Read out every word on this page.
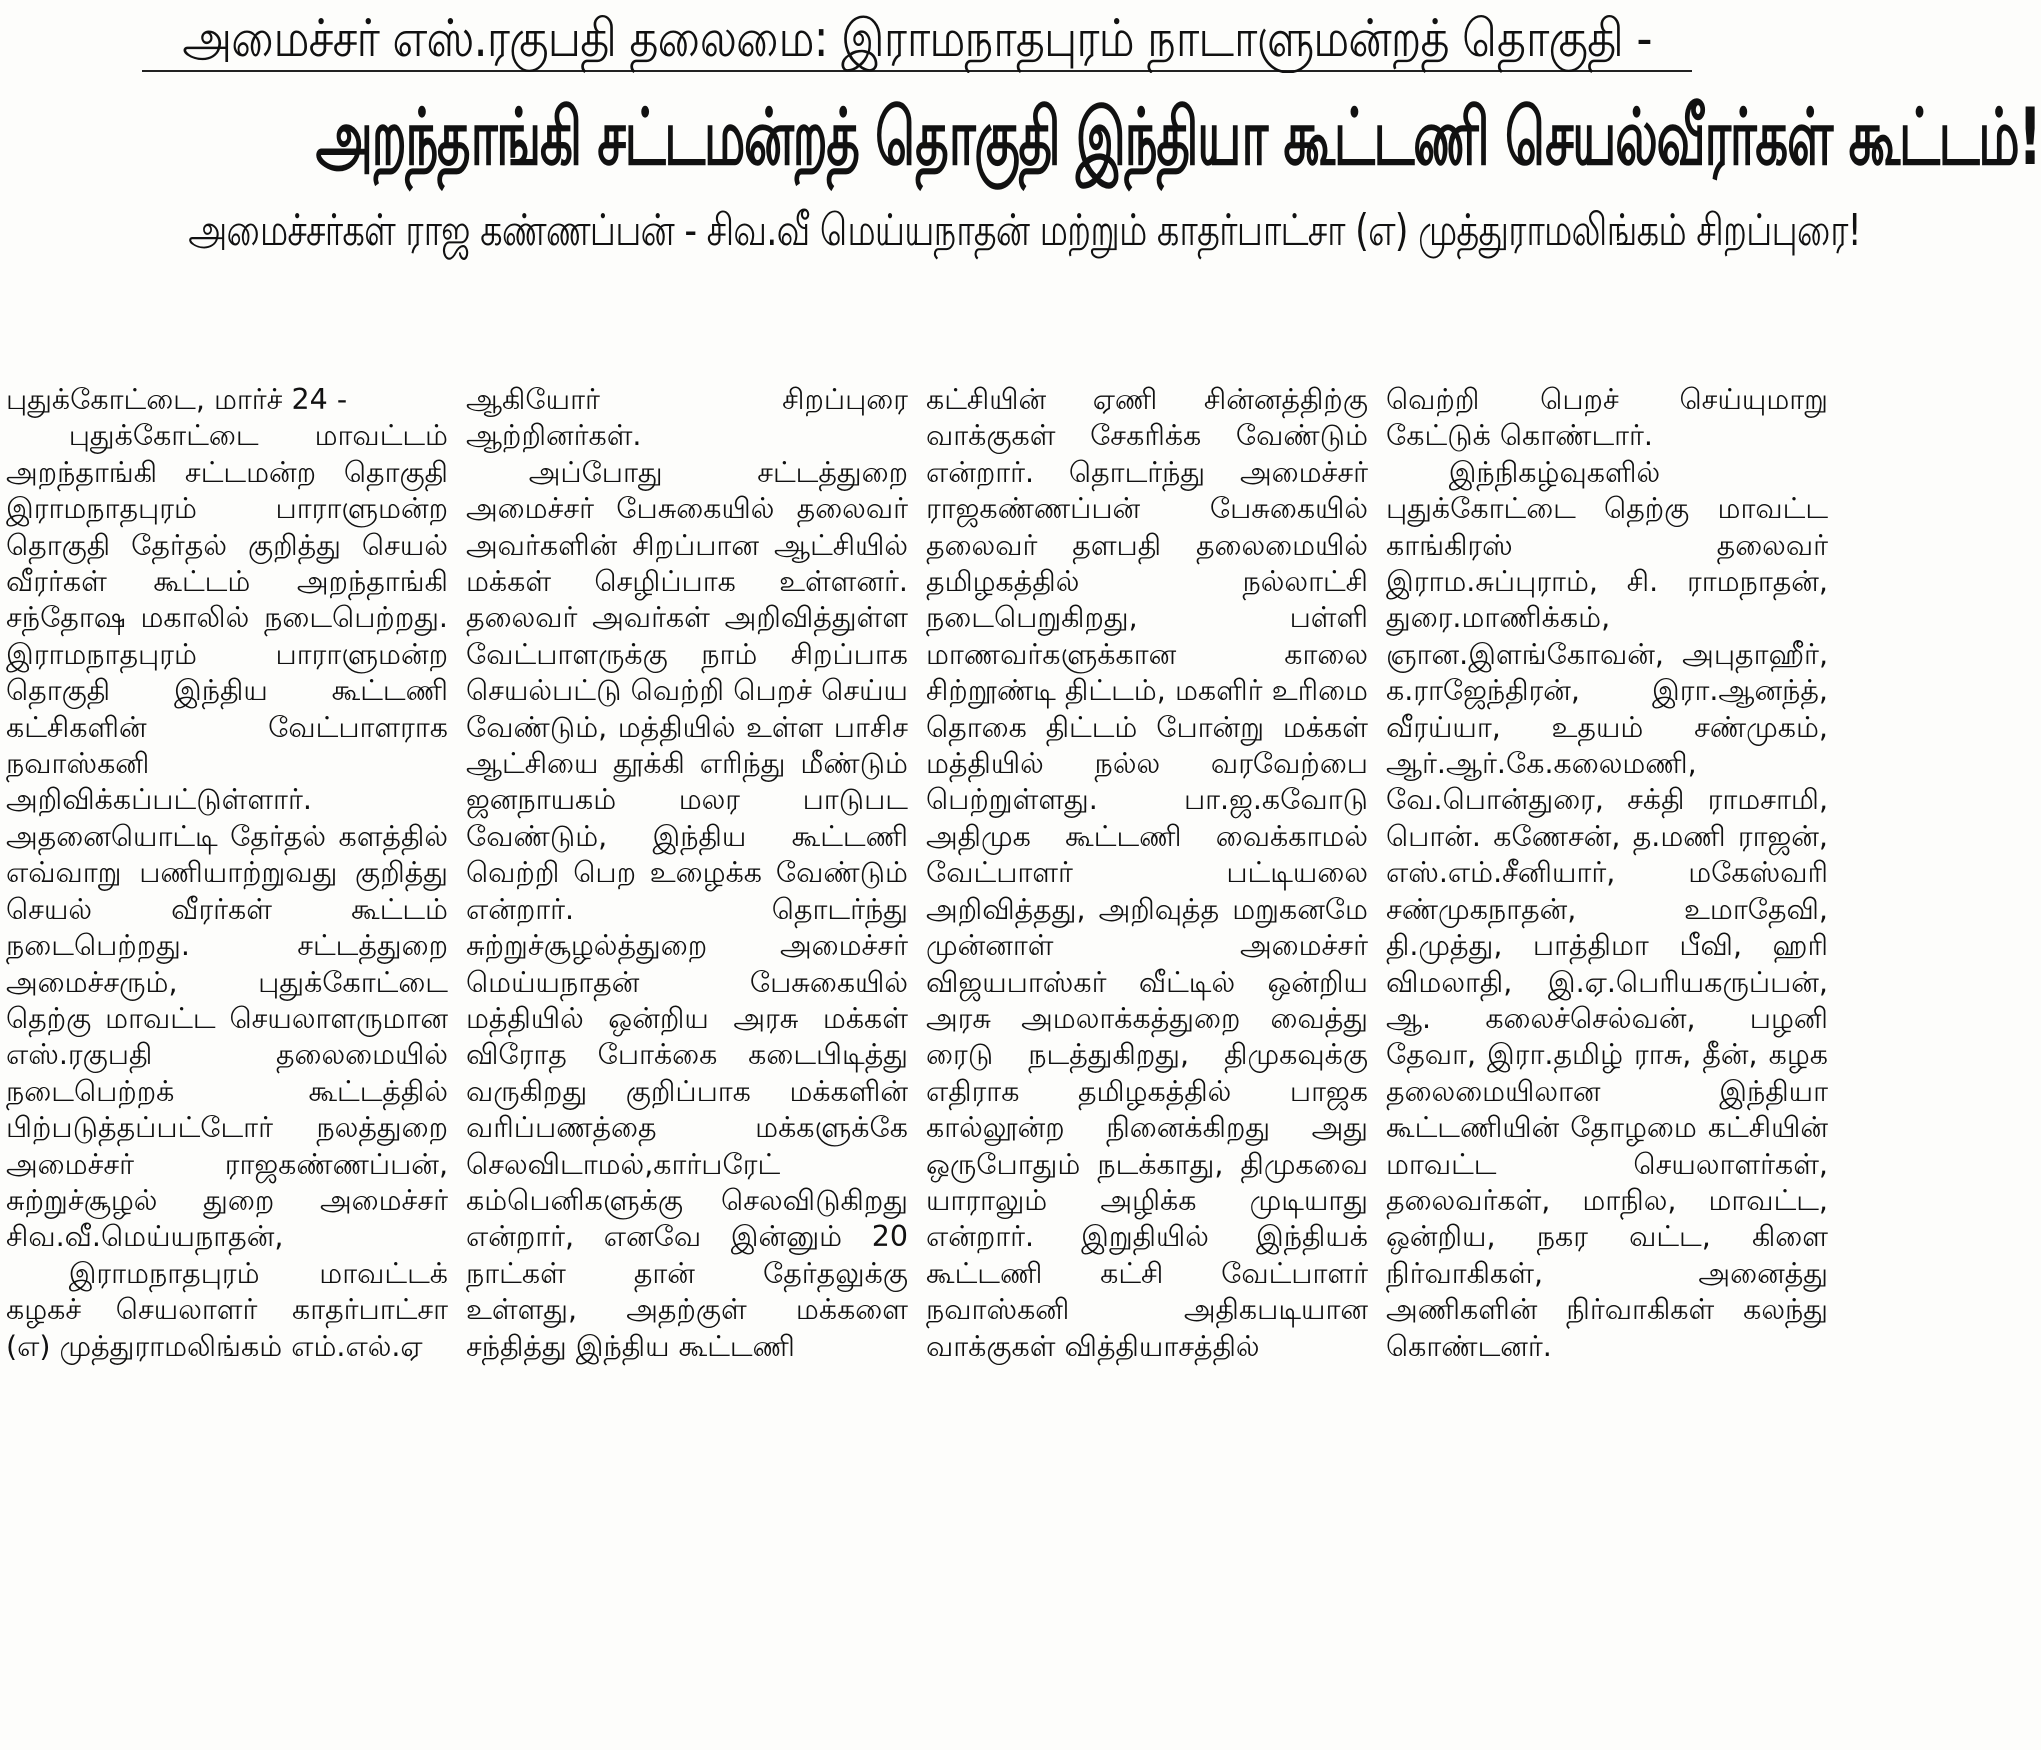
அமைச்சர் எஸ்.ரகுபதி தலைமை: இராமநாதபுரம் நாடாளுமன்றத் தொகுதி -
அறந்தாங்கி சட்டமன்றத் தொகுதி இந்தியா கூட்டணி செயல்வீரர்கள் கூட்டம்!
அமைச்சர்கள் ராஜ கண்ணப்பன் - சிவ.வீ மெய்யநாதன் மற்றும் காதர்பாட்சா (எ) முத்துராமலிங்கம் சிறப்புரை!

புதுக்கோட்டை, மார்ச் 24 -

புதுக்கோட்டை மாவட்டம் அறந்தாங்கி சட்டமன்ற தொகுதி இராமநாதபுரம் பாராளுமன்ற தொகுதி தேர்தல் குறித்து செயல் வீரர்கள் கூட்டம் அறந்தாங்கி சந்தோஷ மகாலில் நடைபெற்றது. இராமநாதபுரம் பாராளுமன்ற தொகுதி இந்திய கூட்டணி கட்சிகளின் வேட்பாளராக நவாஸ்கனி அறிவிக்கப்பட்டுள்ளார். அதனையொட்டி தேர்தல் களத்தில் எவ்வாறு பணியாற்றுவது குறித்து செயல் வீரர்கள் கூட்டம் நடைபெற்றது. சட்டத்துறை அமைச்சரும், புதுக்கோட்டை தெற்கு மாவட்ட செயலாளருமான எஸ்.ரகுபதி தலைமையில் நடைபெற்றக் கூட்டத்தில் பிற்படுத்தப்பட்டோர் நலத்துறை அமைச்சர் ராஜகண்ணப்பன், சுற்றுச்சூழல் துறை அமைச்சர் சிவ.வீ.மெய்யநாதன்,

இராமநாதபுரம் மாவட்டக் கழகச் செயலாளர் காதர்பாட்சா (எ) முத்துராமலிங்கம் எம்.எல்.ஏ

ஆகியோர் சிறப்புரை ஆற்றினர்கள்.

அப்போது சட்டத்துறை அமைச்சர் பேசுகையில் தலைவர் அவர்களின் சிறப்பான ஆட்சியில் மக்கள் செழிப்பாக உள்ளனர். தலைவர் அவர்கள் அறிவித்துள்ள வேட்பாளருக்கு நாம் சிறப்பாக செயல்பட்டு வெற்றி பெறச் செய்ய வேண்டும், மத்தியில் உள்ள பாசிச ஆட்சியை தூக்கி எரிந்து மீண்டும் ஜனநாயகம் மலர பாடுபட வேண்டும், இந்திய கூட்டணி வெற்றி பெற உழைக்க வேண்டும் என்றார். தொடர்ந்து சுற்றுச்சூழல்த்துறை அமைச்சர் மெய்யநாதன் பேசுகையில் மத்தியில் ஒன்றிய அரசு மக்கள் விரோத போக்கை கடைபிடித்து வருகிறது குறிப்பாக மக்களின் வரிப்பணத்தை மக்களுக்கே செலவிடாமல்,கார்பரேட் கம்பெனிகளுக்கு செலவிடுகிறது என்றார், எனவே இன்னும் 20 நாட்கள் தான் தேர்தலுக்கு உள்ளது, அதற்குள் மக்களை சந்தித்து இந்திய கூட்டணி

கட்சியின் ஏணி சின்னத்திற்கு வாக்குகள் சேகரிக்க வேண்டும் என்றார். தொடர்ந்து அமைச்சர் ராஜகண்ணப்பன் பேசுகையில் தலைவர் தளபதி தலைமையில் தமிழகத்தில் நல்லாட்சி நடைபெறுகிறது, பள்ளி மாணவர்களுக்கான காலை சிற்றூண்டி திட்டம், மகளிர் உரிமை தொகை திட்டம் போன்று மக்கள் மத்தியில் நல்ல வரவேற்பை பெற்றுள்ளது. பா.ஜ.கவோடு அதிமுக கூட்டணி வைக்காமல் வேட்பாளர் பட்டியலை அறிவித்தது, அறிவுத்த மறுகனமே முன்னாள் அமைச்சர் விஜயபாஸ்கர் வீட்டில் ஒன்றிய அரசு அமலாக்கத்துறை வைத்து ரைடு நடத்துகிறது, திமுகவுக்கு எதிராக தமிழகத்தில் பாஜக கால்லூன்ற நினைக்கிறது அது ஒருபோதும் நடக்காது, திமுகவை யாராலும் அழிக்க முடியாது என்றார். இறுதியில் இந்தியக் கூட்டணி கட்சி வேட்பாளர் நவாஸ்கனி அதிகபடியான வாக்குகள் வித்தியாசத்தில்

வெற்றி பெறச் செய்யுமாறு கேட்டுக் கொண்டார்.

இந்நிகழ்வுகளில் புதுக்கோட்டை தெற்கு மாவட்ட காங்கிரஸ் தலைவர் இராம.சுப்புராம், சி. ராமநாதன், துரை.மாணிக்கம், ஞான.இளங்கோவன், அபுதாஹீர், க.ராஜேந்திரன், இரா.ஆனந்த், வீரய்யா, உதயம் சண்முகம், ஆர்.ஆர்.கே.கலைமணி, வே.பொன்துரை, சக்தி ராமசாமி, பொன். கணேசன், த.மணி ராஜன், எஸ்.எம்.சீனியார், மகேஸ்வரி சண்முகநாதன், உமாதேவி, தி.முத்து, பாத்திமா பீவி, ஹரி விமலாதி, இ.ஏ.பெரியகருப்பன், ஆ. கலைச்செல்வன், பழனி தேவா, இரா.தமிழ் ராசு, தீன், கழக தலைமையிலான இந்தியா கூட்டணியின் தோழமை கட்சியின் மாவட்ட செயலாளர்கள், தலைவர்கள், மாநில, மாவட்ட, ஒன்றிய, நகர வட்ட, கிளை நிர்வாகிகள், அனைத்து அணிகளின் நிர்வாகிகள் கலந்து கொண்டனர்.
